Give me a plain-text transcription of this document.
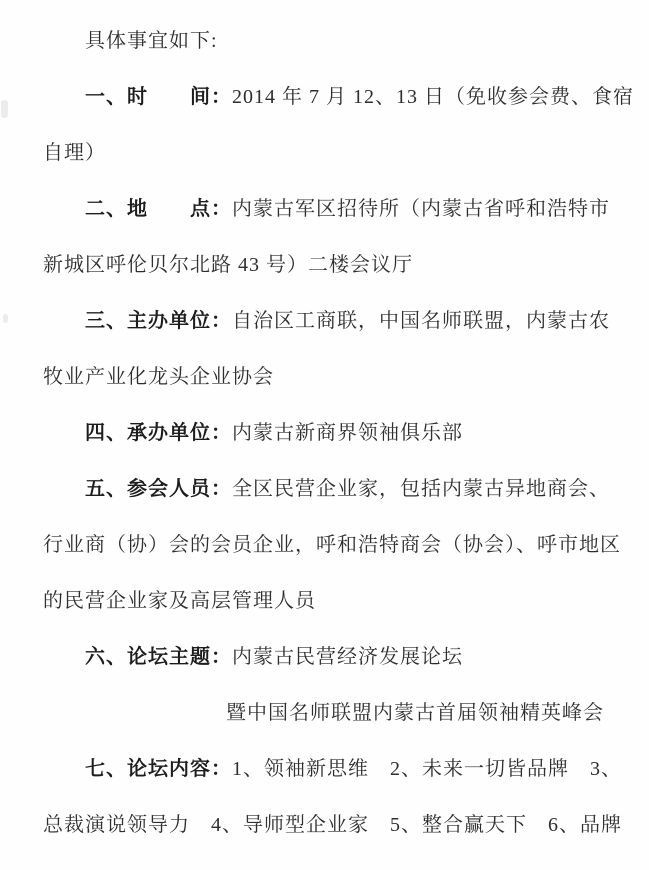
具体事宜如下:
一、时　　间：2014 年 7 月 12、13 日（免收参会费、食宿
自理）
二、地　　点：内蒙古军区招待所（内蒙古省呼和浩特市
新城区呼伦贝尔北路 43 号）二楼会议厅
三、主办单位：自治区工商联，中国名师联盟，内蒙古农
牧业产业化龙头企业协会
四、承办单位：内蒙古新商界领袖俱乐部
五、参会人员：全区民营企业家，包括内蒙古异地商会、
行业商（协）会的会员企业，呼和浩特商会（协会）、呼市地区
的民营企业家及高层管理人员
六、论坛主题：内蒙古民营经济发展论坛
暨中国名师联盟内蒙古首届领袖精英峰会
七、论坛内容：1、领袖新思维　2、未来一切皆品牌　3、
总裁演说领导力　4、导师型企业家　5、整合赢天下　6、品牌
